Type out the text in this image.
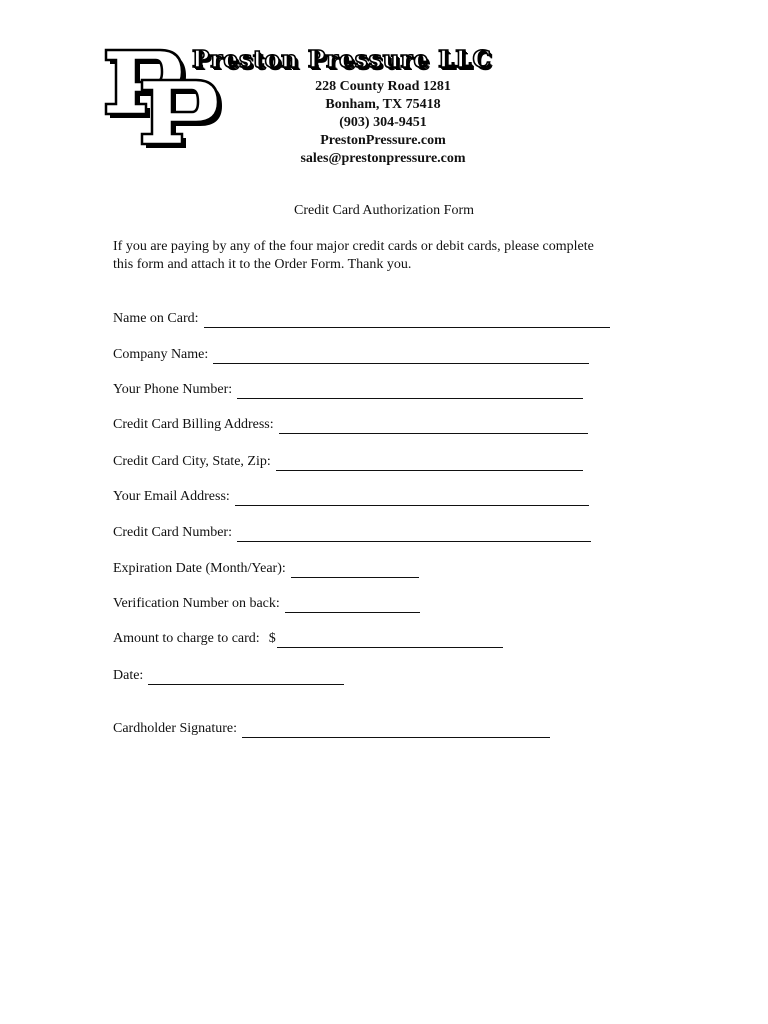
Preston Pressure LLC
228 County Road 1281
Bonham, TX 75418
(903) 304-9451
PrestonPressure.com
sales@prestonpressure.com
Credit Card Authorization Form
If you are paying by any of the four major credit cards or debit cards, please complete
this form and attach it to the Order Form. Thank you.
Name on Card:
Company Name:
Your Phone Number:
Credit Card Billing Address:
Credit Card City, State, Zip:
Your Email Address:
Credit Card Number:
Expiration Date (Month/Year):
Verification Number on back:
Amount to charge to card: $
Date:
Cardholder Signature:
